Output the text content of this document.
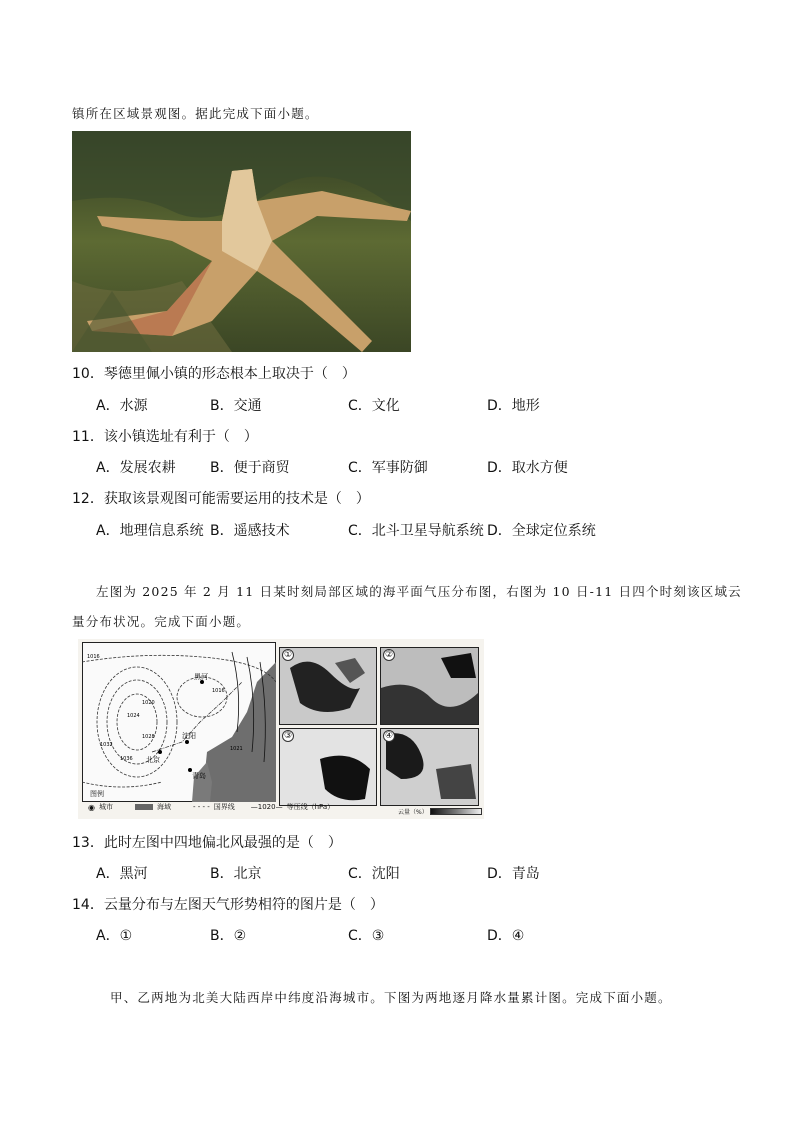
镇所在区域景观图。据此完成下面小题。
10．琴德里佩小镇的形态根本上取决于（　）
A．水源	B．交通	C．文化	D．地形
11．该小镇选址有利于（　）
A．发展农耕 B．便于商贸	C．军事防御	D．取水方便
12．获取该景观图可能需要运用的技术是（　）
A．地理信息系统 B．遥感技术	C．北斗卫星导航系统 D．全球定位系统
左图为 2025 年 2 月 11 日某时刻局部区域的海平面气压分布图，右图为 10 日-11 日四个时刻该区域云
量分布状况。完成下面小题。
黑河
北京
沈阳
青岛
1016
1016
1020
1024
1032
1028
1021
1036
①	②
③	④
图例
◉ 城市	海域	- - - - 国界线 —1020— 等压线（hPa）
云量（%）
13．此时左图中四地偏北风最强的是（　）
A．黑河	B．北京	C．沈阳	D．青岛
14．云量分布与左图天气形势相符的图片是（　）
A．①	B．②	C．③	D．④
甲、乙两地为北美大陆西岸中纬度沿海城市。下图为两地逐月降水量累计图。完成下面小题。
